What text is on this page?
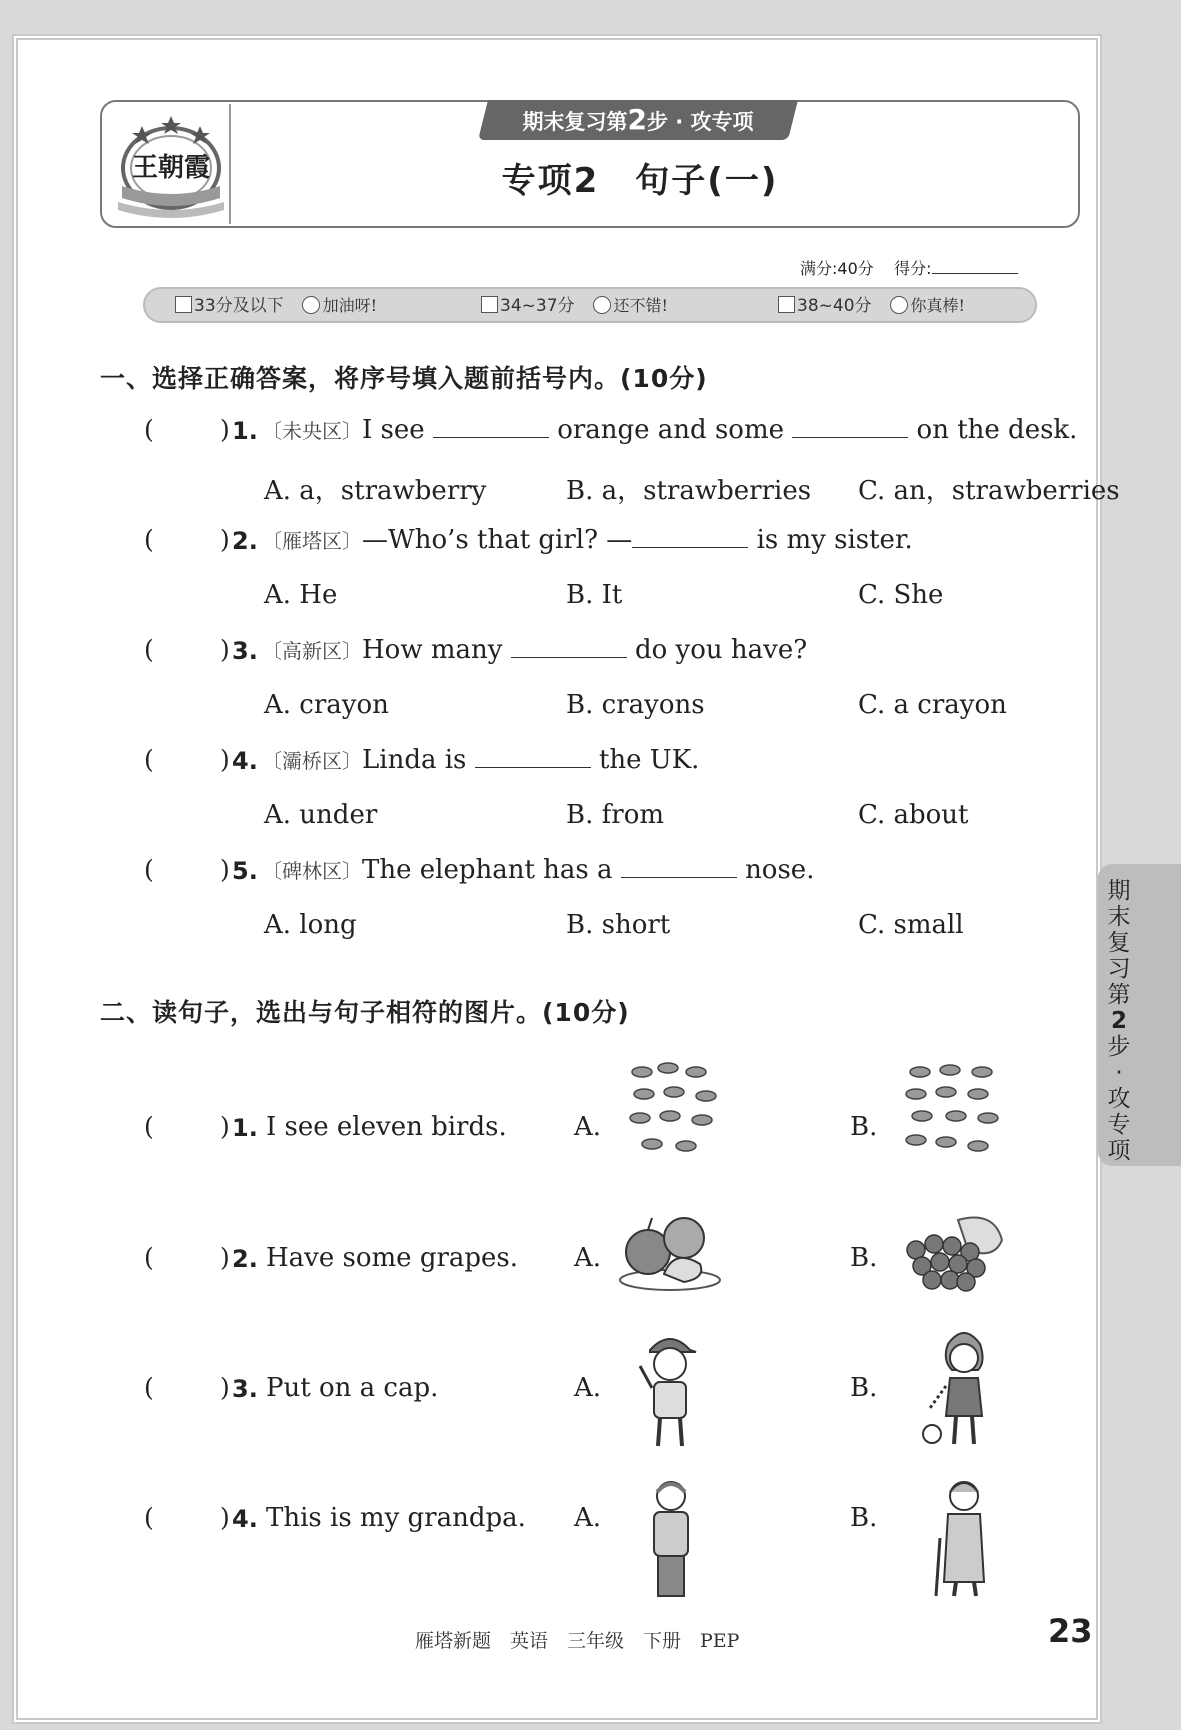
王朝霞
期末复习第2步 · 攻专项
专项2　句子(一)
满分:40分 得分:
33分及以下 加油呀!	34~37分 还不错!	38~40分 你真棒!
一、选择正确答案，将序号填入题前括号内。(10分)
(	) 1. 〔未央区〕I see	orange and some	on the desk.
A. a，strawberry	B. a，strawberries C. an，strawberries
(	) 2. 〔雁塔区〕—Who’s that girl? —	is my sister.
A. He	B. It	C. She
(	) 3. 〔高新区〕How many	do you have?
A. crayon	B. crayons	C. a crayon
(	) 4. 〔灞桥区〕Linda is	the UK.
A. under	B. from	C. about
(	) 5. 〔碑林区〕The elephant has a	nose.
A. long	B. short	C. small
二、读句子，选出与句子相符的图片。(10分)
(	) 1. I see eleven birds.	A.	B.
(	) 2. Have some grapes. A.	B.
(	) 3. Put on a cap.	A.	B.
(	) 4. This is my grandpa. A.	B.
期
末
复
习
第
2
步
·
攻
专
项
雁塔新题　英语　三年级　下册　PEP	23
